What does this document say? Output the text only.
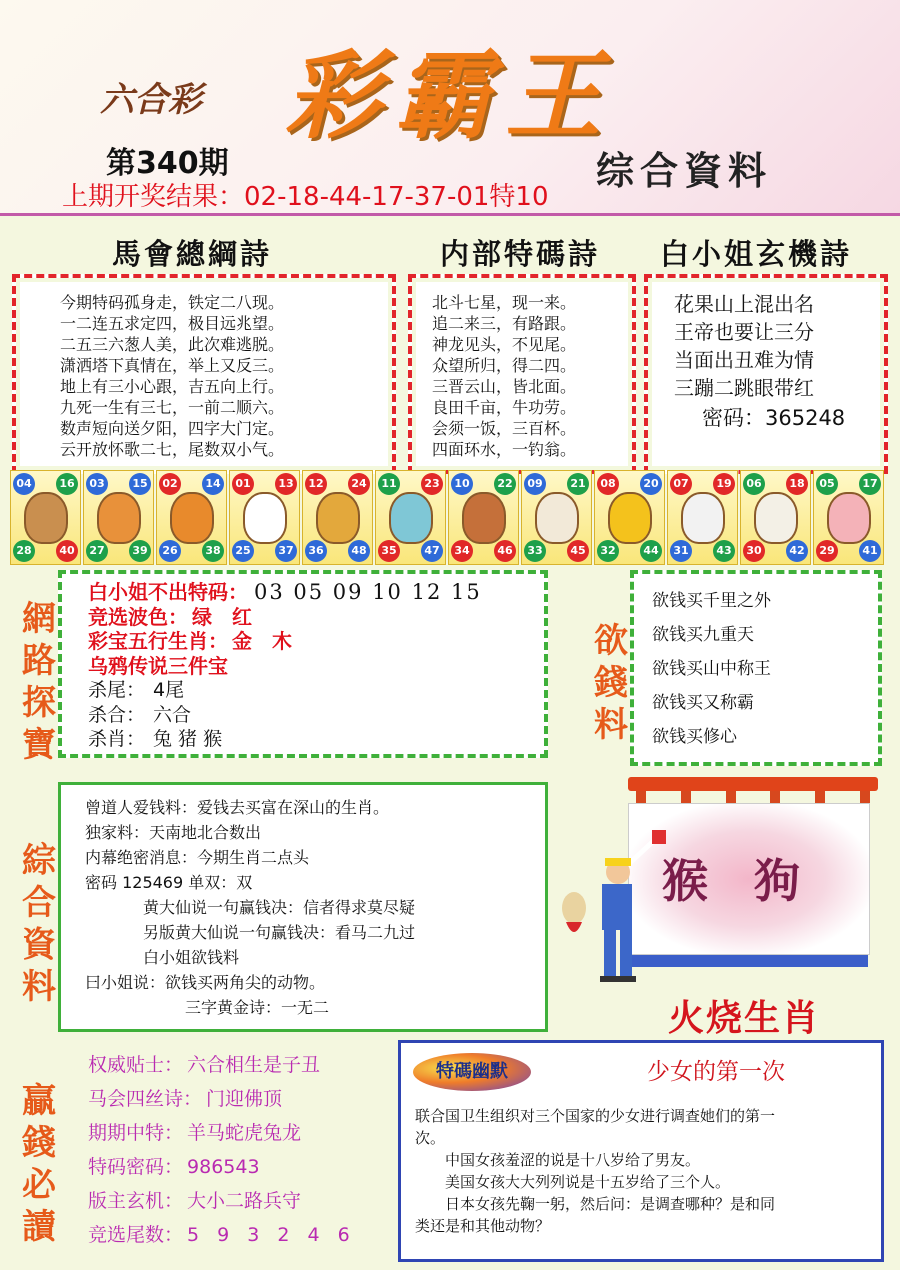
六合彩 彩霸王
综合資料
第340期
上期开奖结果：02-18-44-17-37-01特10
馬會總綱詩	内部特碼詩 白小姐玄機詩
今期特码孤身走，铁定二八现。
一二连五求定四，极目远兆望。
二五三六葱人美，此次难逃脱。
潇洒塔下真情在，举上又反三。
地上有三小心跟，吉五向上行。
九死一生有三七，一前二顺六。
数声短向送夕阳，四字大门定。
云开放怀歌二七，尾数双小气。
北斗七星，现一来。
追二来三，有路跟。
神龙见头，不见尾。
众望所归，得二四。
三晋云山，皆北面。
良田千亩，牛功劳。
会须一饭，三百杯。
四面环水，一钓翁。
花果山上混出名
王帝也要让三分
当面出丑难为情
三蹦二跳眼带红
密码：365248
04	16
28	40
03	15
27	39
02	14
26	38
01	13
25	37
12	24
36	48
11	23
35	47
10	22
34	46
09	21
33	45
08	20
32	44
07	19
31	43
06	18
30	42
05	17
29	41
網路探寶
白小姐不出特码： 03 05 09 10 12 15
竞选波色： 绿　红
彩宝五行生肖： 金　木
乌鸦传说三件宝
杀尾： 4尾
杀合： 六合
杀肖： 兔 猪 猴
欲錢料
欲钱买千里之外
欲钱买九重天
欲钱买山中称王
欲钱买又称霸
欲钱买修心
綜合資料
曾道人爱钱料：爱钱去买富在深山的生肖。
独家料：天南地北合数出
内幕绝密消息：今期生肖二点头
密码 125469 单双：双
黄大仙说一句赢钱决：信者得求莫尽疑
另版黄大仙说一句赢钱决：看马二九过
白小姐欲钱料
曰小姐说：欲钱买两角尖的动物。
三字黄金诗：一无二
猴　狗
火烧生肖
贏錢必讀
权威贴士： 六合相生是子丑
马会四丝诗： 门迎佛顶
期期中特： 羊马蛇虎兔龙
特码密码： 986543
版主玄机： 大小二路兵守
竞选尾数： 5 9 3 2 4 6
特碼幽默	少女的第一次
联合国卫生组织对三个国家的少女进行调查她们的第一
次。
　　中国女孩羞涩的说是十八岁给了男友。
　　美国女孩大大列列说是十五岁给了三个人。
　　日本女孩先鞠一躬，然后问：是调查哪种？是和同
类还是和其他动物？
